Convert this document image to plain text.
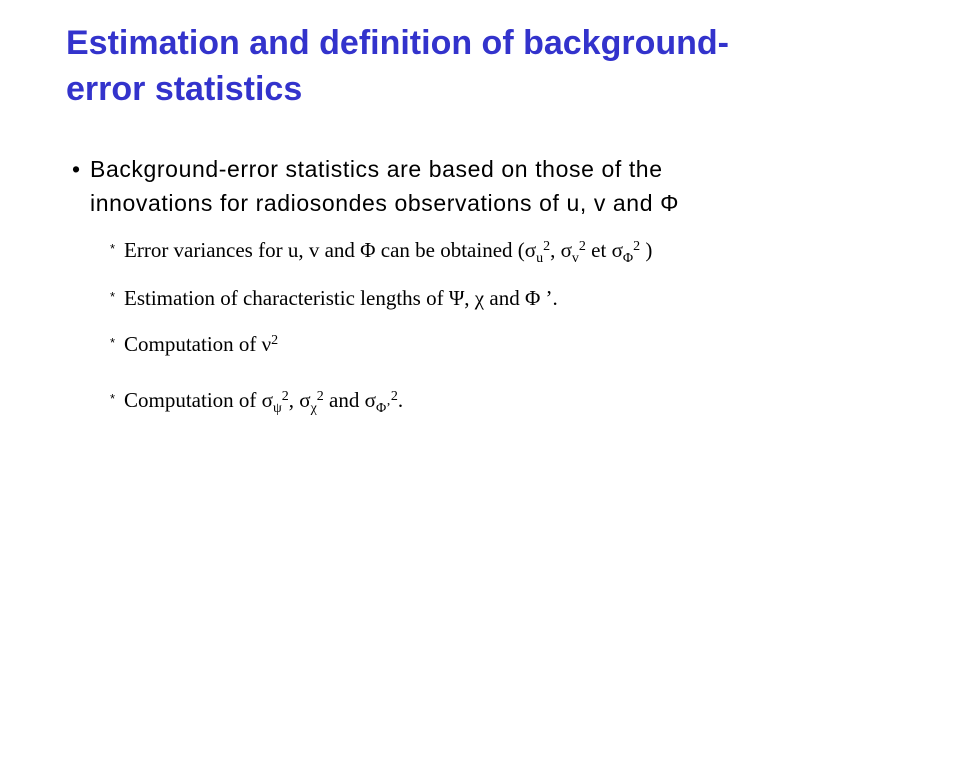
Estimation and definition of background-
error statistics
• Background-error statistics are based on those of the
innovations for radiosondes observations of u, v and Φ
* Error variances for u, v and Φ can be obtained ($\sigma_u^2$, $\sigma_v^2$ et $\sigma_\Phi^2$ )
* Estimation of characteristic lengths of Ψ, χ and Φ ’.
* Computation of $\nu^2$
* Computation of $\sigma_\psi^2$, $\sigma_\chi^2$ and $\sigma_{\Phi’}^2$.
